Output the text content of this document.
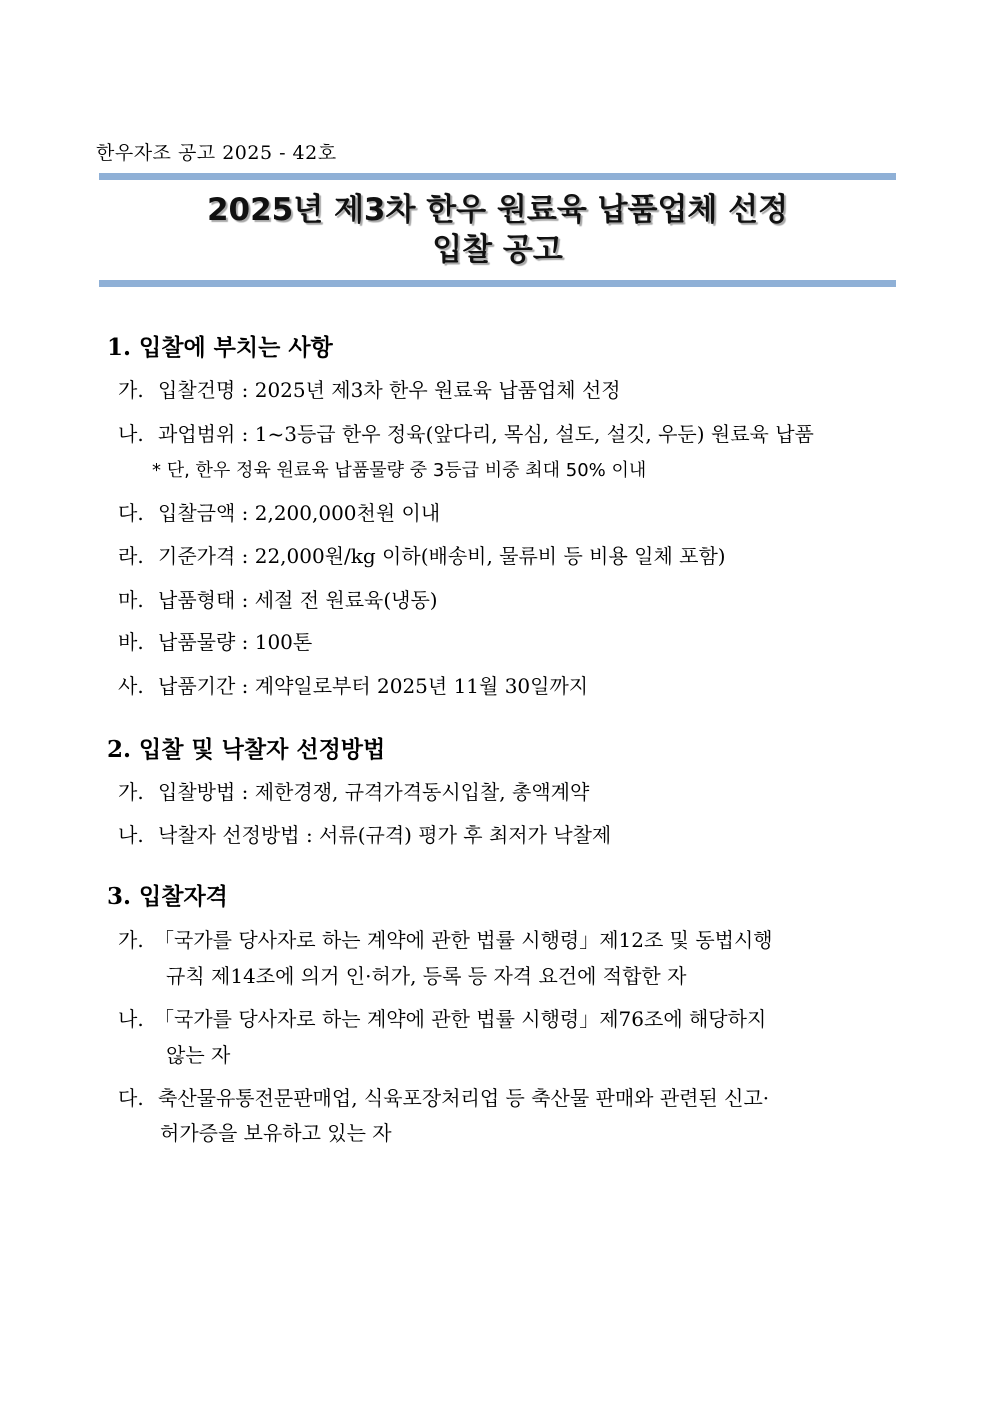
한우자조 공고 2025 - 42호
2025년 제3차 한우 원료육 납품업체 선정
입찰 공고
1. 입찰에 부치는 사항
가. 입찰건명 : 2025년 제3차 한우 원료육 납품업체 선정
나. 과업범위 : 1~3등급 한우 정육(앞다리, 목심, 설도, 설깃, 우둔) 원료육 납품
* 단, 한우 정육 원료육 납품물량 중 3등급 비중 최대 50% 이내
다. 입찰금액 : 2,200,000천원 이내
라. 기준가격 : 22,000원/kg 이하(배송비, 물류비 등 비용 일체 포함)
마. 납품형태 : 세절 전 원료육(냉동)
바. 납품물량 : 100톤
사. 납품기간 : 계약일로부터 2025년 11월 30일까지
2. 입찰 및 낙찰자 선정방법
가. 입찰방법 : 제한경쟁, 규격가격동시입찰, 총액계약
나. 낙찰자 선정방법 : 서류(규격) 평가 후 최저가 낙찰제
3. 입찰자격
가. 「국가를 당사자로 하는 계약에 관한 법률 시행령」제12조 및 동법시행
규칙 제14조에 의거 인·허가, 등록 등 자격 요건에 적합한 자
나. 「국가를 당사자로 하는 계약에 관한 법률 시행령」제76조에 해당하지
않는 자
다. 축산물유통전문판매업, 식육포장처리업 등 축산물 판매와 관련된 신고·
허가증을 보유하고 있는 자
